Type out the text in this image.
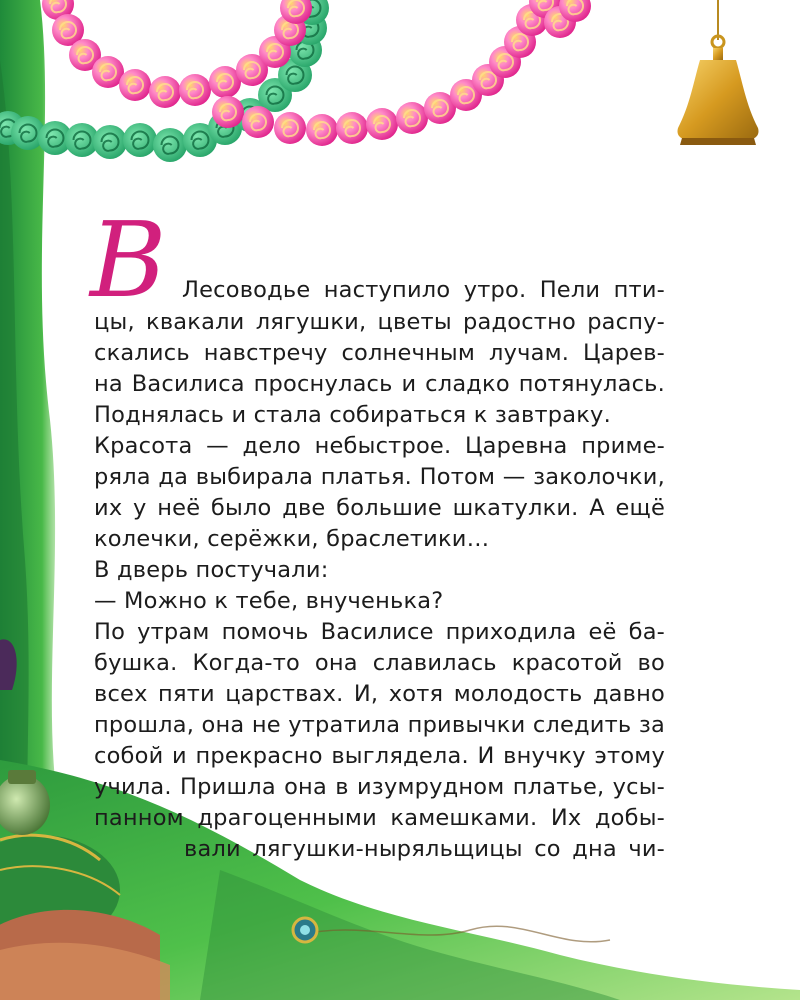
В Лесоводье наступило утро. Пели пти-
цы, квакали лягушки, цветы радостно распу-
скались навстречу солнечным лучам. Царев-
на Василиса проснулась и сладко потянулась.
Поднялась и стала собираться к завтраку.
Красота — дело небыстрое. Царевна приме-
ряла да выбирала платья. Потом — заколочки,
их у неё было две большие шкатулки. А ещё
колечки, серёжки, браслетики…
В дверь постучали:
— Можно к тебе, внученька?
По утрам помочь Василисе приходила её ба-
бушка. Когда-то она славилась красотой во
всех пяти царствах. И, хотя молодость давно
прошла, она не утратила привычки следить за
собой и прекрасно выглядела. И внучку этому
учила. Пришла она в изумрудном платье, усы-
панном драгоценными камешками. Их добы-
вали лягушки-ныряльщицы со дна чи-
